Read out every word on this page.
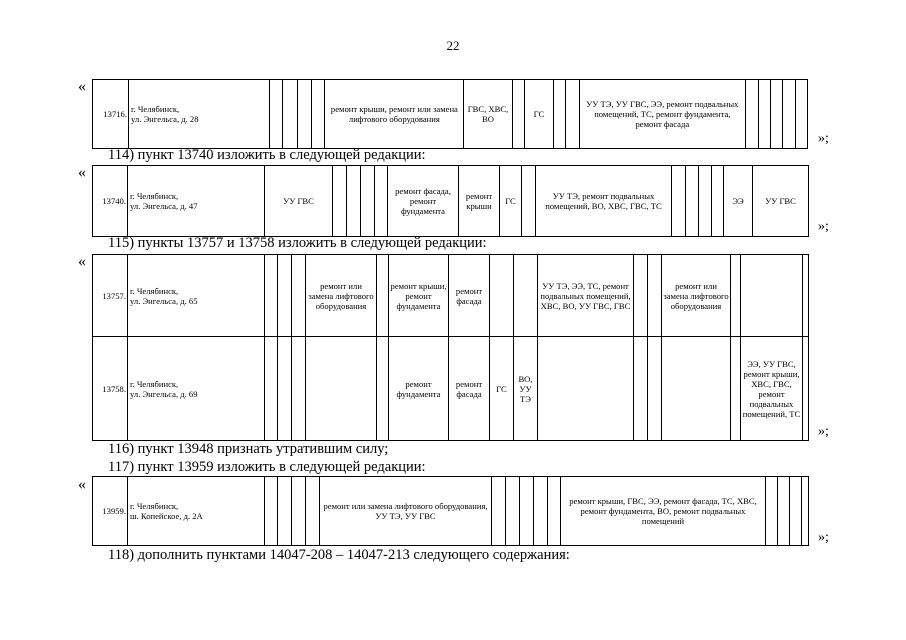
22
«
13716.	г. Челябинск,
ул. Энгельса, д. 28
					ремонт крыши, ремонт или замена лифтового оборудования	ГВС, ХВС, ВО		ГС			УУ ТЭ, УУ ГВС, ЭЭ, ремонт подвальных помещений, ТС, ремонт фундамента, ремонт фасада					
»;
114) пункт 13740 изложить в следующей редакции:
«
13740.	г. Челябинск,
ул. Энгельса, д. 47	УУ ГВС					ремонт фасада, ремонт фундамента	ремонт крыши	ГС		УУ ТЭ, ремонт подвальных помещений, ВО, ХВС, ГВС, ТС					ЭЭ	УУ ГВС
»;
115) пункты 13757 и 13758 изложить в следующей редакции:
«
13757.	г. Челябинск,
ул. Энгельса, д. 65				ремонт или замена лифтового оборудования		ремонт крыши, ремонт фундамента	ремонт фасада			УУ ТЭ, ЭЭ, ТС, ремонт подвальных помещений, ХВС, ВО, УУ ГВС, ГВС			ремонт или замена лифтового оборудования			
13758.	г. Челябинск,
ул. Энгельса, д. 69						ремонт фундамента	ремонт фасада	ГС	ВО, УУ ТЭ						ЭЭ, УУ ГВС, ремонт крыши, ХВС, ГВС, ремонт подвальных помещений, ТС	
»;
116) пункт 13948 признать утратившим силу;
117) пункт 13959 изложить в следующей редакции:
«
13959.	г. Челябинск,
ш. Копейское, д. 2А
					ремонт или замена лифтового оборудования, УУ ТЭ, УУ ГВС						ремонт крыши, ГВС, ЭЭ, ремонт фасада, ТС, ХВС, ремонт фундамента, ВО, ремонт подвальных помещений				
»;
118) дополнить пунктами 14047-208 – 14047-213 следующего содержания:
